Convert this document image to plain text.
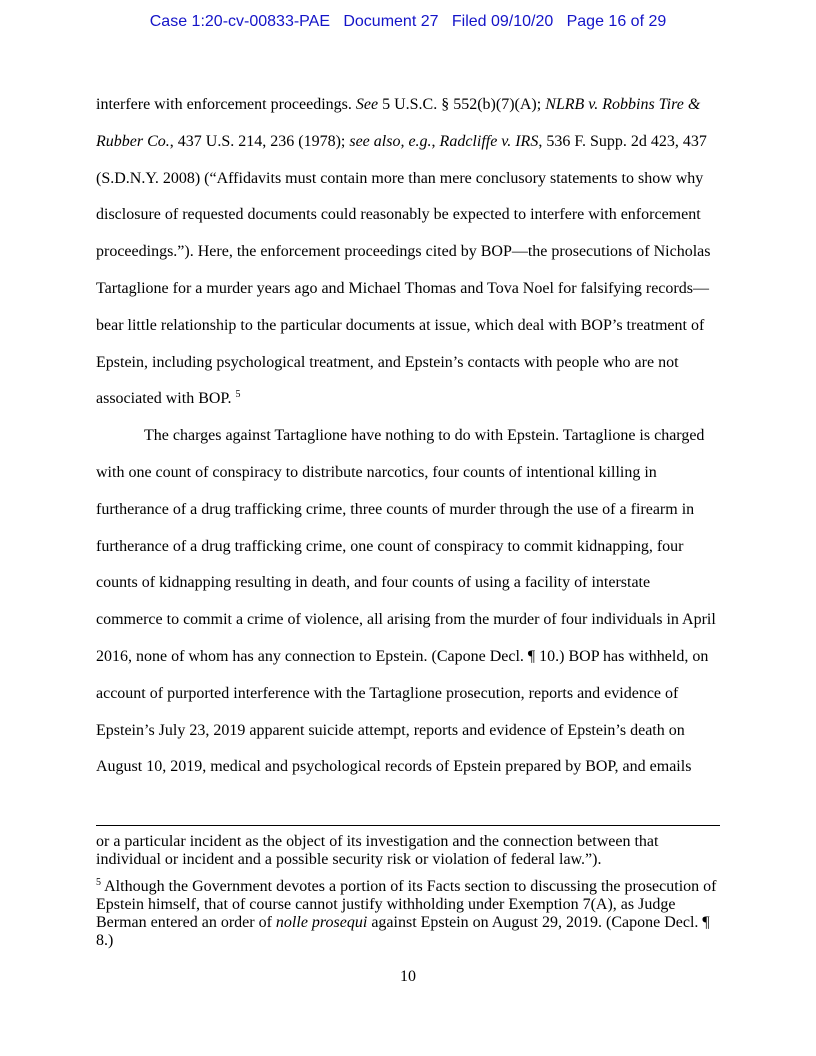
Case 1:20-cv-00833-PAE Document 27 Filed 09/10/20 Page 16 of 29
interfere with enforcement proceedings. See 5 U.S.C. § 552(b)(7)(A); NLRB v. Robbins Tire &
Rubber Co., 437 U.S. 214, 236 (1978); see also, e.g., Radcliffe v. IRS, 536 F. Supp. 2d 423, 437
(S.D.N.Y. 2008) (“Affidavits must contain more than mere conclusory statements to show why
disclosure of requested documents could reasonably be expected to interfere with enforcement
proceedings.”). Here, the enforcement proceedings cited by BOP—the prosecutions of Nicholas
Tartaglione for a murder years ago and Michael Thomas and Tova Noel for falsifying records—
bear little relationship to the particular documents at issue, which deal with BOP’s treatment of
Epstein, including psychological treatment, and Epstein’s contacts with people who are not
associated with BOP. $^5$
The charges against Tartaglione have nothing to do with Epstein. Tartaglione is charged
with one count of conspiracy to distribute narcotics, four counts of intentional killing in
furtherance of a drug trafficking crime, three counts of murder through the use of a firearm in
furtherance of a drug trafficking crime, one count of conspiracy to commit kidnapping, four
counts of kidnapping resulting in death, and four counts of using a facility of interstate
commerce to commit a crime of violence, all arising from the murder of four individuals in April
2016, none of whom has any connection to Epstein. (Capone Decl. ¶ 10.) BOP has withheld, on
account of purported interference with the Tartaglione prosecution, reports and evidence of
Epstein’s July 23, 2019 apparent suicide attempt, reports and evidence of Epstein’s death on
August 10, 2019, medical and psychological records of Epstein prepared by BOP, and emails
or a particular incident as the object of its investigation and the connection between that
individual or incident and a possible security risk or violation of federal law.”).
$^5$ Although the Government devotes a portion of its Facts section to discussing the prosecution of
Epstein himself, that of course cannot justify withholding under Exemption 7(A), as Judge
Berman entered an order of nolle prosequi against Epstein on August 29, 2019. (Capone Decl. ¶
8.)
10
